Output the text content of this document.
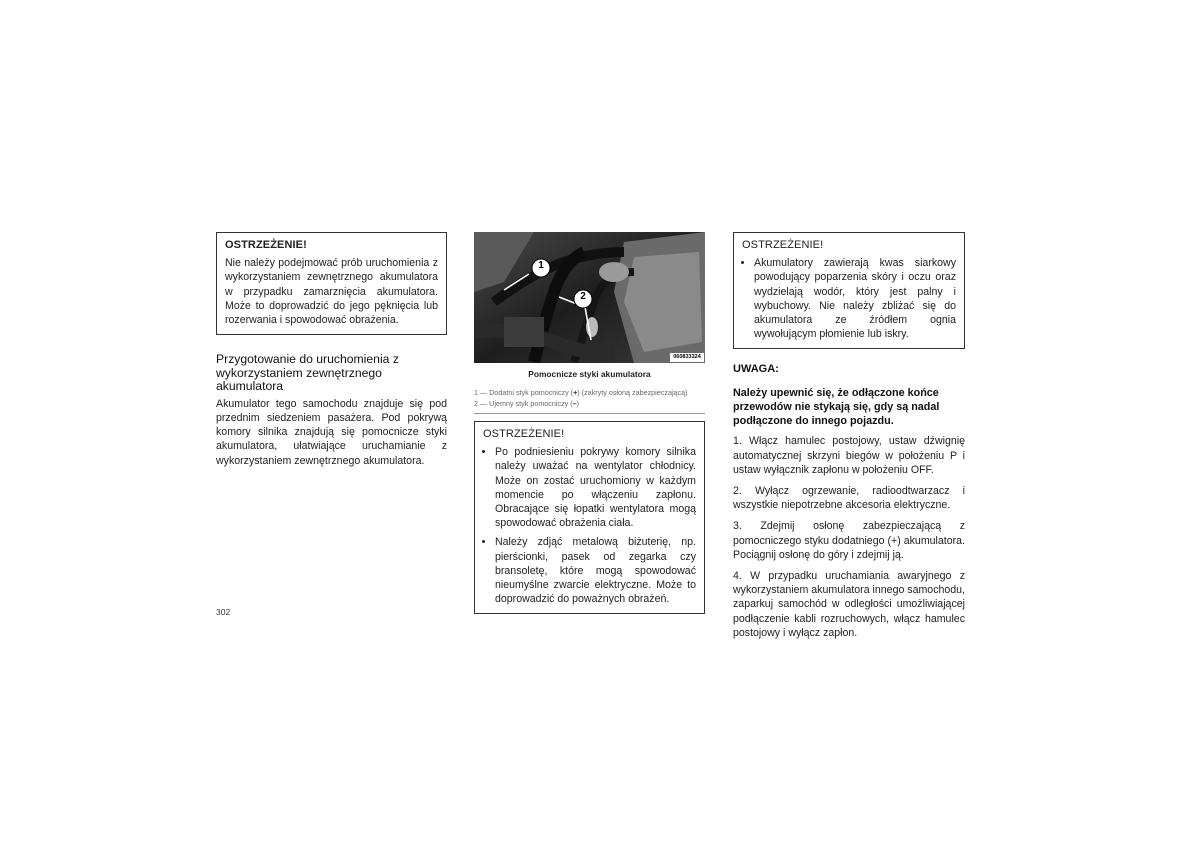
OSTRZEŻENIE!
Nie należy podejmować prób uruchomienia z wykorzystaniem zewnętrznego akumulatora w przypadku zamarznięcia akumulatora. Może to doprowadzić do jego pęknięcia lub rozerwania i spowodować obrażenia.
Przygotowanie do uruchomienia z wykorzystaniem zewnętrznego akumulatora

Akumulator tego samochodu znajduje się pod przednim siedzeniem pasażera. Pod pokrywą komory silnika znajdują się pomocnicze styki akumulatora, ułatwiające uruchamianie z wykorzystaniem zewnętrznego akumulatora.

1
2
060833324
Pomocnicze styki akumulatora
1 — Dodatni styk pomocniczy (+) (zakryty osłoną zabezpieczającą)
2 — Ujemny styk pomocniczy (–)
OSTRZEŻENIE!
• Po podniesieniu pokrywy komory silnika należy uważać na wentylator chłodnicy. Może on zostać uruchomiony w każdym momencie po włączeniu zapłonu. Obracające się łopatki wentylatora mogą spowodować obrażenia ciała.
• Należy zdjąć metalową biżuterię, np. pierścionki, pasek od zegarka czy bransoletę, które mogą spowodować nieumyślne zwarcie elektryczne. Może to doprowadzić do poważnych obrażeń.
OSTRZEŻENIE!
• Akumulatory zawierają kwas siarkowy powodujący poparzenia skóry i oczu oraz wydzielają wodór, który jest palny i wybuchowy. Nie należy zbliżać się do akumulatora ze źródłem ognia wywołującym płomienie lub iskry.
UWAGA:

Należy upewnić się, że odłączone końce przewodów nie stykają się, gdy są nadal podłączone do innego pojazdu.

1. Włącz hamulec postojowy, ustaw dźwignię automatycznej skrzyni biegów w położeniu P i ustaw wyłącznik zapłonu w położeniu OFF.

2. Wyłącz ogrzewanie, radioodtwarzacz i wszystkie niepotrzebne akcesoria elektryczne.

3. Zdejmij osłonę zabezpieczającą z pomocniczego styku dodatniego (+) akumulatora. Pociągnij osłonę do góry i zdejmij ją.

4. W przypadku uruchamiania awaryjnego z wykorzystaniem akumulatora innego samochodu, zaparkuj samochód w odległości umożliwiającej podłączenie kabli rozruchowych, włącz hamulec postojowy i wyłącz zapłon.

302
